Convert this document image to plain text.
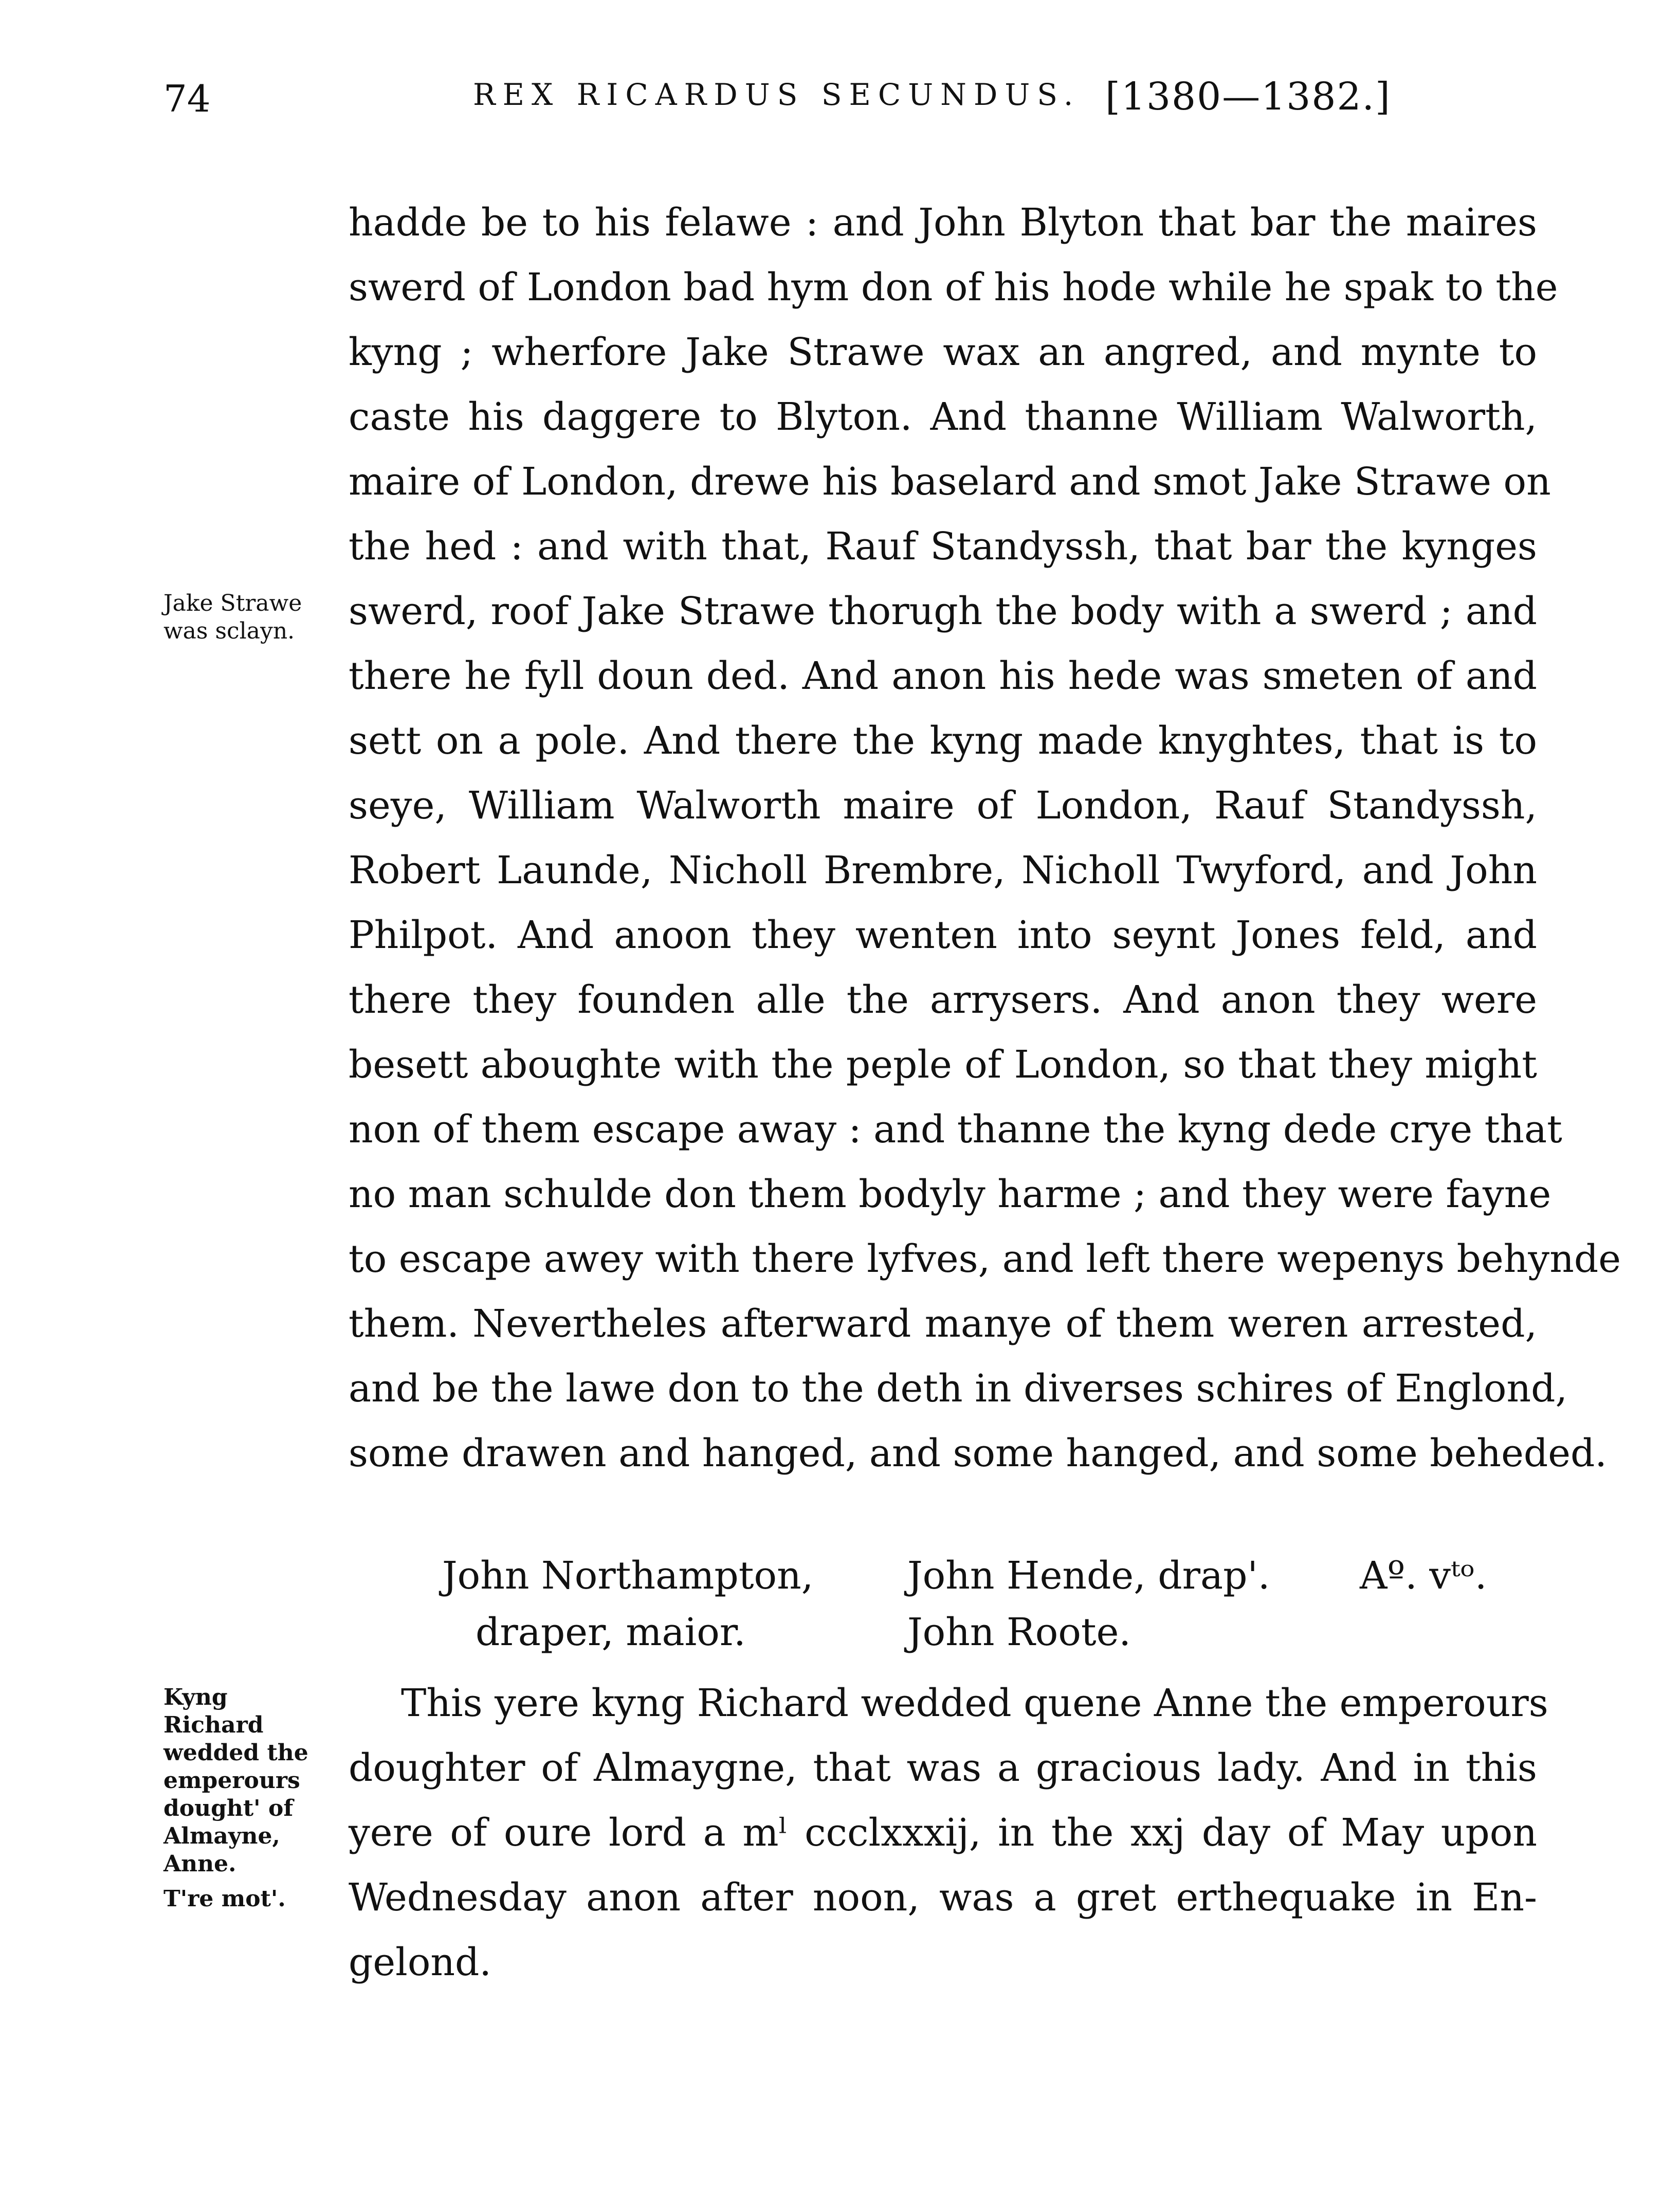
74	REX RICARDUS SECUNDUS. [1380—1382.]
hadde be to his felawe : and John Blyton that bar the maires
swerd of London bad hym don of his hode while he spak to the
kyng ; wherfore Jake Strawe wax an angred, and mynte to
caste his daggere to Blyton. And thanne William Walworth,
maire of London, drewe his baselard and smot Jake Strawe on
the hed : and with that, Rauf Standyssh, that bar the kynges
swerd, roof Jake Strawe thorugh the body with a swerd ; and
there he fyll doun ded. And anon his hede was smeten of and
sett on a pole. And there the kyng made knyghtes, that is to
seye, William Walworth maire of London, Rauf Standyssh,
Robert Launde, Nicholl Brembre, Nicholl Twyford, and John
Philpot. And anoon they wenten into seynt Jones feld, and
there they founden alle the arrysers. And anon they were
besett aboughte with the peple of London, so that they might
non of them escape away : and thanne the kyng dede crye that
no man schulde don them bodyly harme ; and they were fayne
to escape awey with there lyfves, and left there wepenys behynde
them. Nevertheles afterward manye of them weren arrested,
and be the lawe don to the deth in diverses schires of Englond,
some drawen and hanged, and some hanged, and some beheded.
Jake Strawe
was sclayn.
John Northampton,
draper, maior.
John Hende, drap'.
John Roote.
Aº. vᵗᵒ.
Kyng
Richard
wedded the
emperours
dought' of
Almayne,
Anne.
T're mot'.
This yere kyng Richard wedded quene Anne the emperours
doughter of Almaygne, that was a gracious lady. And in this
yere of oure lord a mˡ ccclxxxij, in the xxj day of May upon
Wednesday anon after noon, was a gret erthequake in En-
gelond.
